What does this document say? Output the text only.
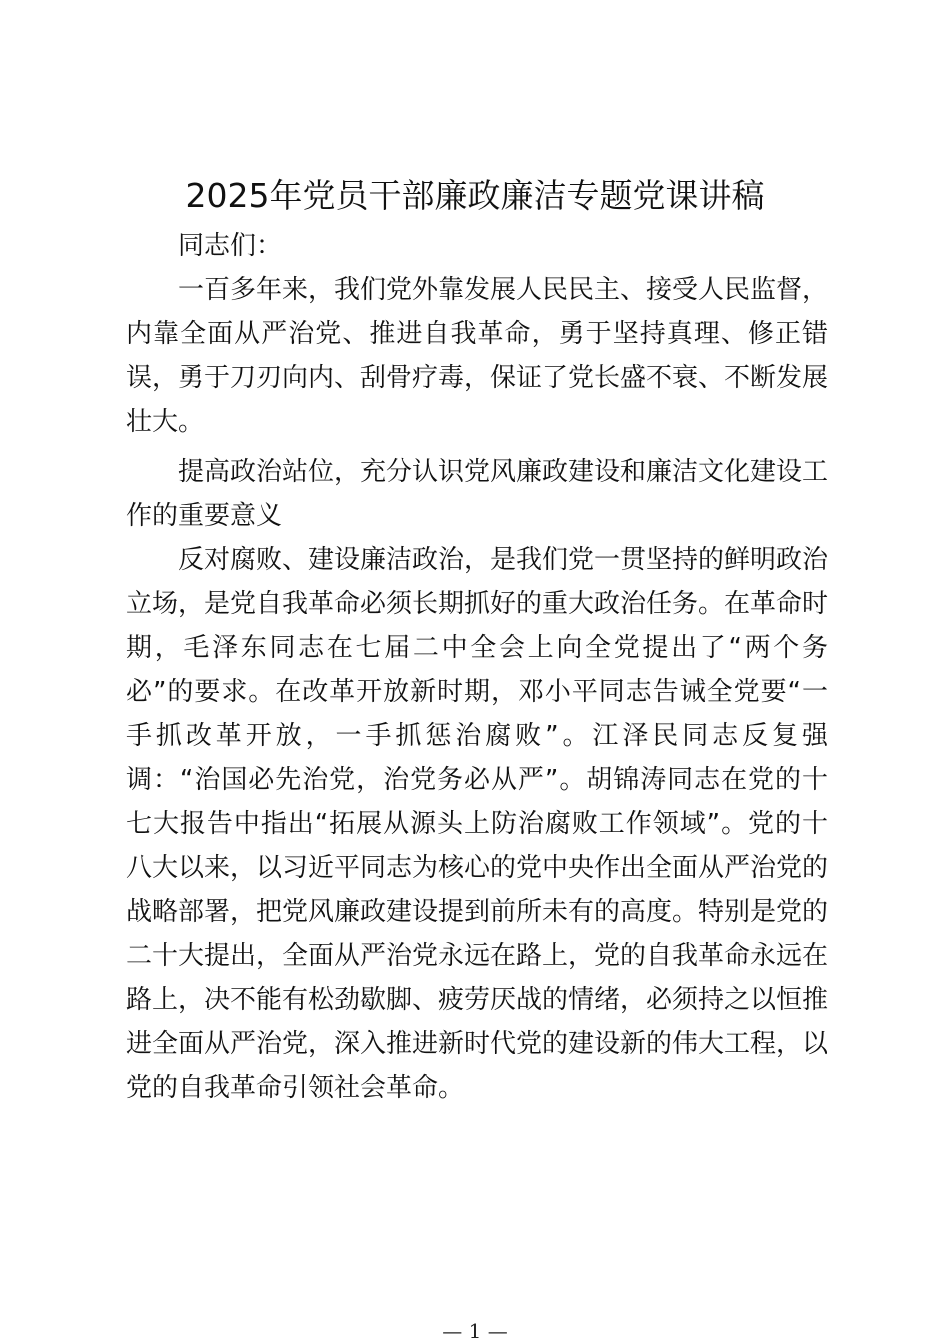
2025年党员干部廉政廉洁专题党课讲稿

同志们：

一百多年来，我们党外靠发展人民民主、接受人民监督，内靠全面从严治党、推进自我革命，勇于坚持真理、修正错误，勇于刀刃向内、刮骨疗毒，保证了党长盛不衰、不断发展壮大。

提高政治站位，充分认识党风廉政建设和廉洁文化建设工作的重要意义

反对腐败、建设廉洁政治，是我们党一贯坚持的鲜明政治立场，是党自我革命必须长期抓好的重大政治任务。在革命时期，毛泽东同志在七届二中全会上向全党提出了“两个务必”的要求。在改革开放新时期，邓小平同志告诫全党要“一手抓改革开放，一手抓惩治腐败”。江泽民同志反复强调：“治国必先治党，治党务必从严”。胡锦涛同志在党的十七大报告中指出“拓展从源头上防治腐败工作领域”。党的十八大以来，以习近平同志为核心的党中央作出全面从严治党的战略部署，把党风廉政建设提到前所未有的高度。特别是党的二十大提出，全面从严治党永远在路上，党的自我革命永远在路上，决不能有松劲歇脚、疲劳厌战的情绪，必须持之以恒推进全面从严治党，深入推进新时代党的建设新的伟大工程，以党的自我革命引领社会革命。

— 1 —
